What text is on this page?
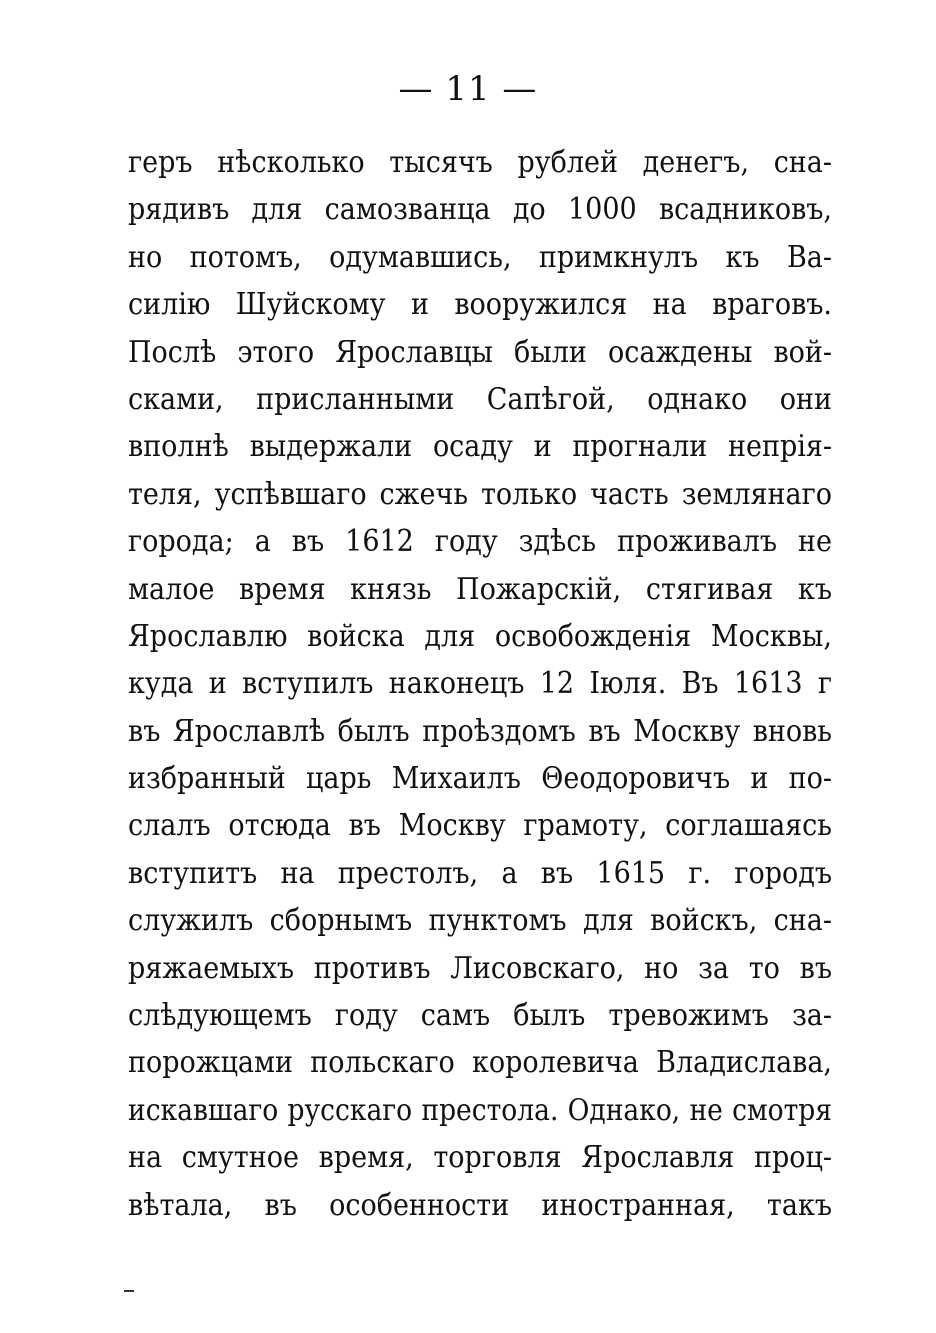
— 11 —
геръ нѣсколько тысячъ рублей денегъ, сна-
рядивъ для самозванца до 1000 всадниковъ,
но потомъ, одумавшись, примкнулъ къ Ва-
силію Шуйскому и вооружился на враговъ.
Послѣ этого Ярославцы были осаждены вой-
сками, присланными Сапѣгой, однако они
вполнѣ выдержали осаду и прогнали непрія-
теля, успѣвшаго сжечь только часть землянаго
города; а въ 1612 году здѣсь проживалъ не
малое время князь Пожарскій, стягивая къ
Ярославлю войска для освобожденія Москвы,
куда и вступилъ наконецъ 12 Іюля. Въ 1613 г
въ Ярославлѣ былъ проѣздомъ въ Москву вновь
избранный царь Михаилъ Θеодоровичъ и по-
слалъ отсюда въ Москву грамоту, соглашаясь
вступитъ на престолъ, а въ 1615 г. городъ
служилъ сборнымъ пунктомъ для войскъ, сна-
ряжаемыхъ противъ Лисовскаго, но за то въ
слѣдующемъ году самъ былъ тревожимъ за-
порожцами польскаго королевича Владислава,
искавшаго русскаго престола. Однако, не смотря
на смутное время, торговля Ярославля проц-
вѣтала, въ особенности иностранная, такъ
